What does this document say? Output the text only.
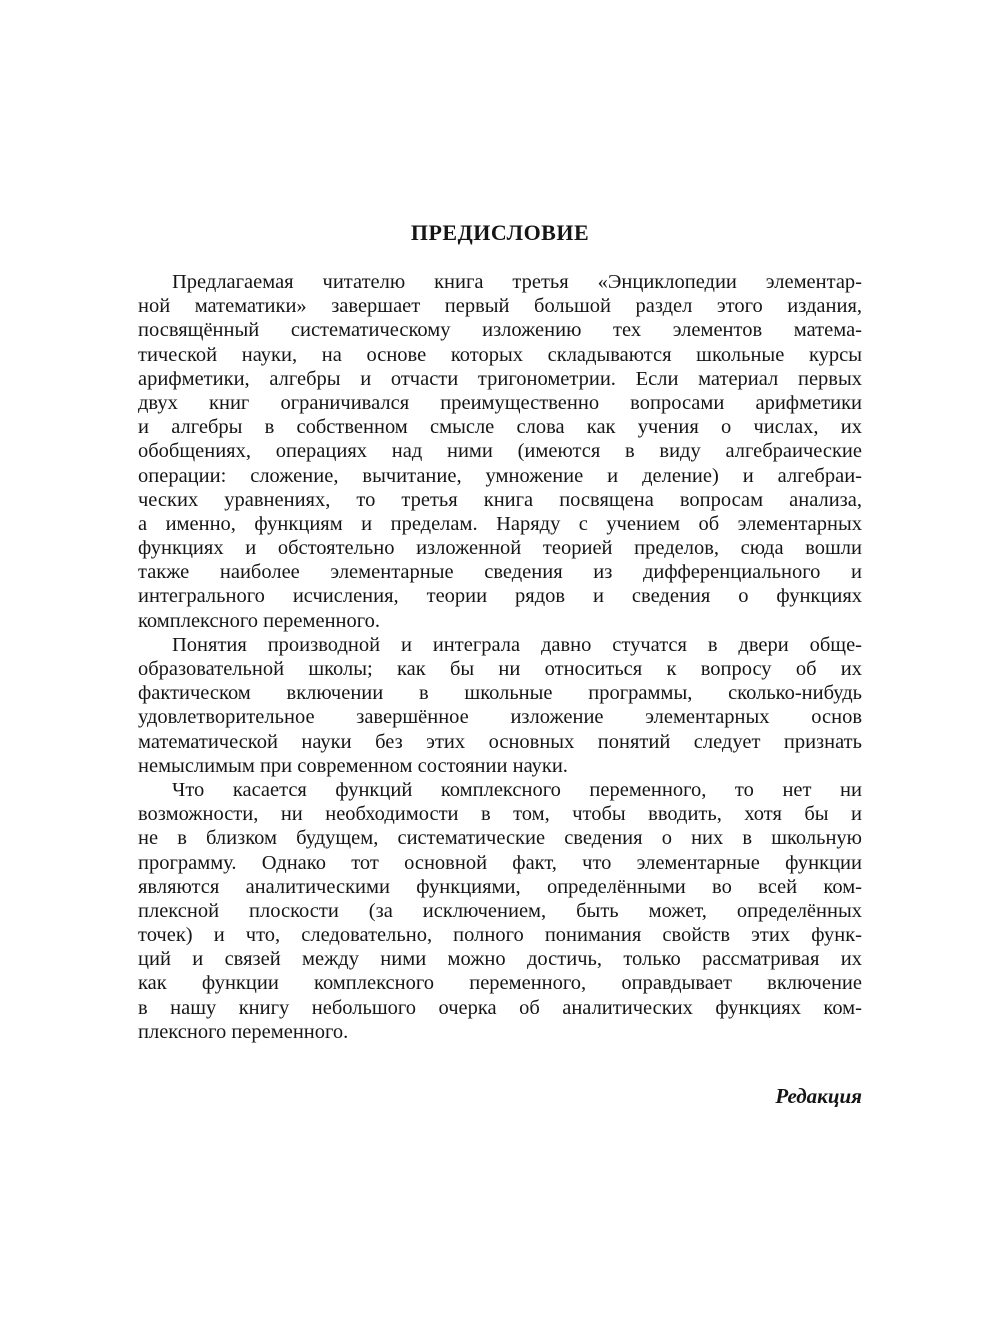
ПРЕДИСЛОВИЕ
Предлагаемая читателю книга третья «Энциклопедии элементар-
ной математики» завершает первый большой раздел этого издания,
посвящённый систематическому изложению тех элементов матема-
тической науки, на основе которых складываются школьные курсы
арифметики, алгебры и отчасти тригонометрии. Если материал первых
двух книг ограничивался преимущественно вопросами арифметики
и алгебры в собственном смысле слова как учения о числах, их
обобщениях, операциях над ними (имеются в виду алгебраические
операции: сложение, вычитание, умножение и деление) и алгебраи-
ческих уравнениях, то третья книга посвящена вопросам анализа,
а именно, функциям и пределам. Наряду с учением об элементарных
функциях и обстоятельно изложенной теорией пределов, сюда вошли
также наиболее элементарные сведения из дифференциального и
интегрального исчисления, теории рядов и сведения о функциях
комплексного переменного.
Понятия производной и интеграла давно стучатся в двери обще-
образовательной школы; как бы ни относиться к вопросу об их
фактическом включении в школьные программы, сколько-нибудь
удовлетворительное завершённое изложение элементарных основ
математической науки без этих основных понятий следует признать
немыслимым при современном состоянии науки.
Что касается функций комплексного переменного, то нет ни
возможности, ни необходимости в том, чтобы вводить, хотя бы и
не в близком будущем, систематические сведения о них в школьную
программу. Однако тот основной факт, что элементарные функции
являются аналитическими функциями, определёнными во всей ком-
плексной плоскости (за исключением, быть может, определённых
точек) и что, следовательно, полного понимания свойств этих функ-
ций и связей между ними можно достичь, только рассматривая их
как функции комплексного переменного, оправдывает включение
в нашу книгу небольшого очерка об аналитических функциях ком-
плексного переменного.
Редакция
